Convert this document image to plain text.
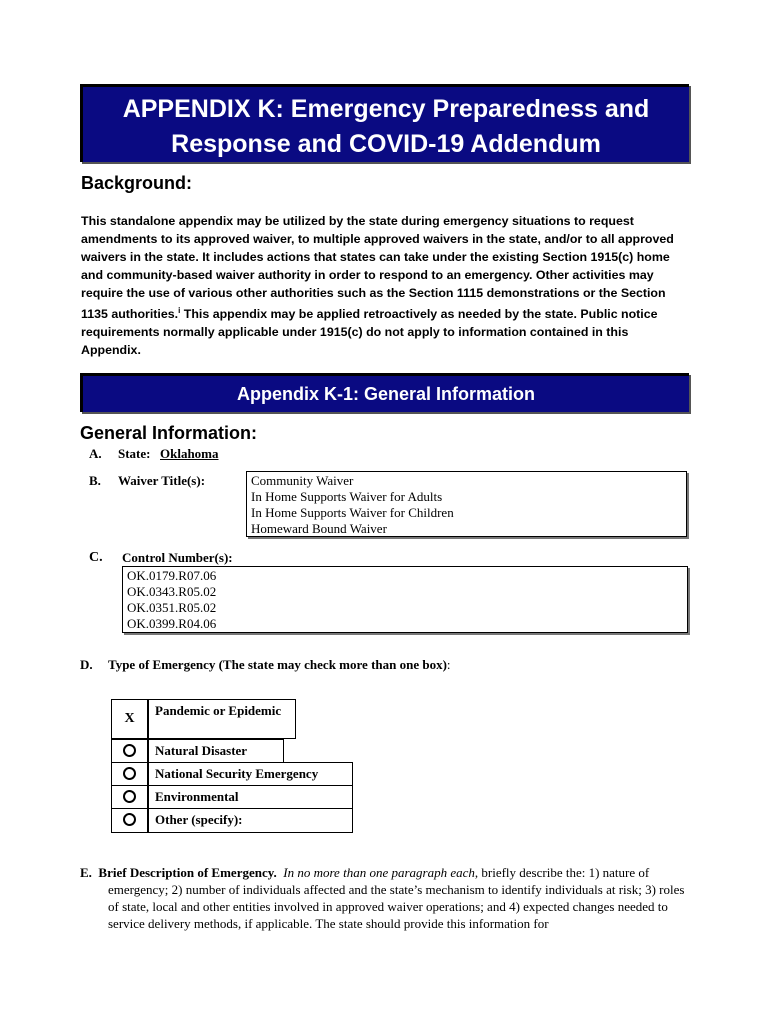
APPENDIX K: Emergency Preparedness and
Response and COVID-19 Addendum
Background:
This standalone appendix may be utilized by the state during emergency situations to request amendments to its approved waiver, to multiple approved waivers in the state, and/or to all approved waivers in the state. It includes actions that states can take under the existing Section 1915(c) home and community-based waiver authority in order to respond to an emergency. Other activities may require the use of various other authorities such as the Section 1115 demonstrations or the Section 1135 authorities.$^i$ This appendix may be applied retroactively as needed by the state. Public notice requirements normally applicable under 1915(c) do not apply to information contained in this Appendix.
Appendix K-1: General Information
General Information:
A. State: Oklahoma
B. Waiver Title(s):	Community Waiver
In Home Supports Waiver for Adults
In Home Supports Waiver for Children
Homeward Bound Waiver
C. Control Number(s):
OK.0179.R07.06
OK.0343.R05.02
OK.0351.R05.02
OK.0399.R04.06
D. Type of Emergency (The state may check more than one box):
X
Pandemic or Epidemic
Natural Disaster
National Security Emergency
Environmental
Other (specify):
E. Brief Description of Emergency. In no more than one paragraph each, briefly describe the: 1) nature of emergency; 2) number of individuals affected and the state’s mechanism to identify individuals at risk; 3) roles of state, local and other entities involved in approved waiver operations; and 4) expected changes needed to service delivery methods, if applicable. The state should provide this information for
